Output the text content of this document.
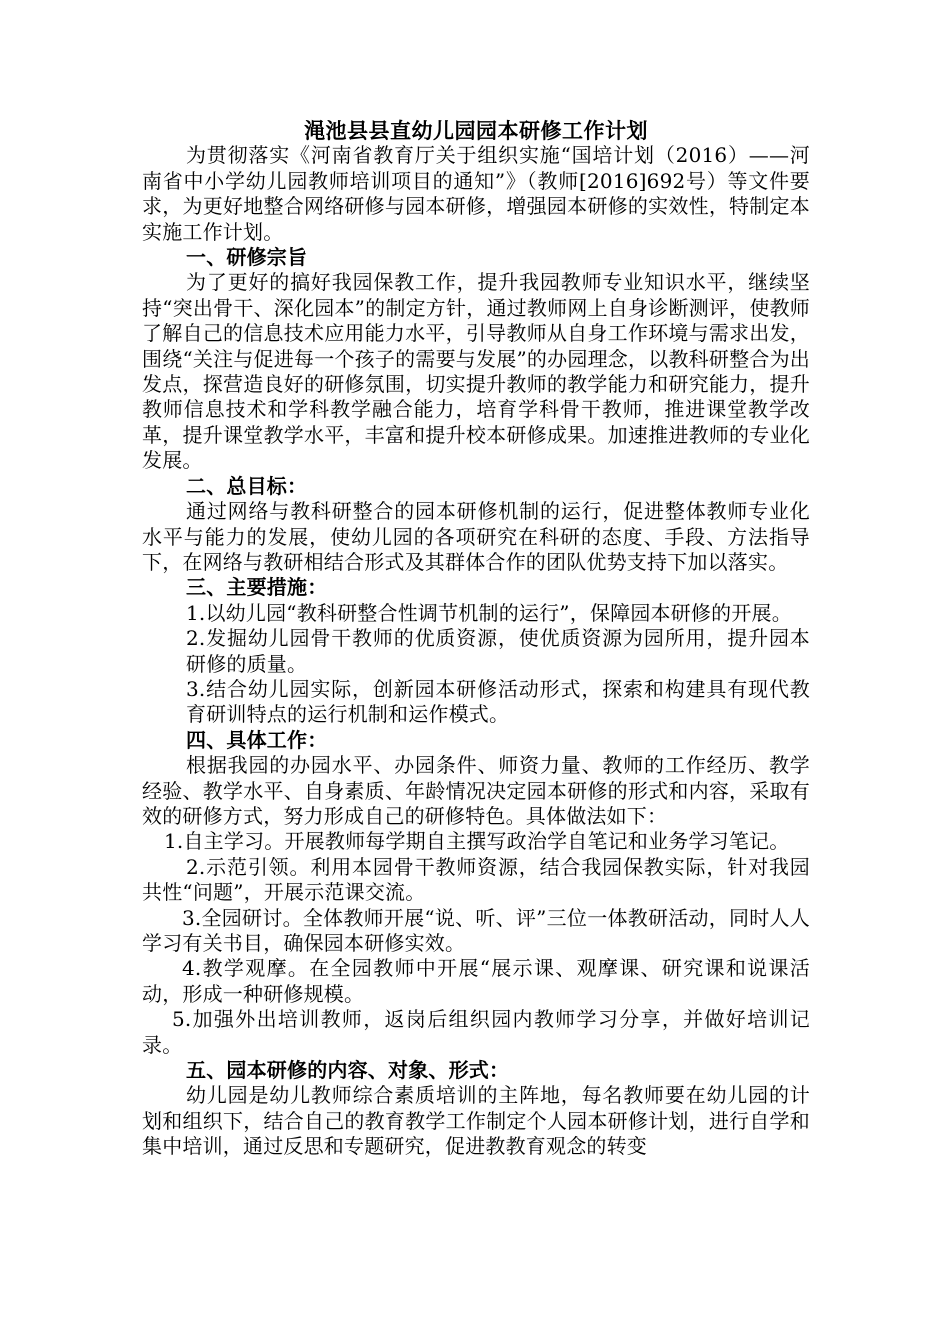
渑池县县直幼儿园园本研修工作计划

为贯彻落实《河南省教育厅关于组织实施“国培计划（2016）——河南省中小学幼儿园教师培训项目的通知”》（教师[2016]692号）等文件要求，为更好地整合网络研修与园本研修，增强园本研修的实效性，特制定本实施工作计划。

一、研修宗旨

为了更好的搞好我园保教工作，提升我园教师专业知识水平，继续坚持“突出骨干、深化园本”的制定方针，通过教师网上自身诊断测评，使教师了解自己的信息技术应用能力水平，引导教师从自身工作环境与需求出发，围绕“关注与促进每一个孩子的需要与发展”的办园理念，以教科研整合为出发点，探营造良好的研修氛围，切实提升教师的教学能力和研究能力，提升教师信息技术和学科教学融合能力，培育学科骨干教师，推进课堂教学改革，提升课堂教学水平，丰富和提升校本研修成果。加速推进教师的专业化发展。

二、总目标：

通过网络与教科研整合的园本研修机制的运行，促进整体教师专业化水平与能力的发展，使幼儿园的各项研究在科研的态度、手段、方法指导下，在网络与教研相结合形式及其群体合作的团队优势支持下加以落实。

三、主要措施：

1.以幼儿园“教科研整合性调节机制的运行”，保障园本研修的开展。

2.发掘幼儿园骨干教师的优质资源，使优质资源为园所用，提升园本研修的质量。

3.结合幼儿园实际，创新园本研修活动形式，探索和构建具有现代教育研训特点的运行机制和运作模式。

四、具体工作：

根据我园的办园水平、办园条件、师资力量、教师的工作经历、教学经验、教学水平、自身素质、年龄情况决定园本研修的形式和内容，采取有效的研修方式，努力形成自己的研修特色。具体做法如下：

1.自主学习。开展教师每学期自主撰写政治学自笔记和业务学习笔记。

2.示范引领。利用本园骨干教师资源，结合我园保教实际，针对我园共性“问题”，开展示范课交流。

3.全园研讨。全体教师开展“说、听、评”三位一体教研活动，同时人人学习有关书目，确保园本研修实效。

4.教学观摩。在全园教师中开展“展示课、观摩课、研究课和说课活动，形成一种研修规模。

5.加强外出培训教师，返岗后组织园内教师学习分享，并做好培训记录。

五、园本研修的内容、对象、形式：

幼儿园是幼儿教师综合素质培训的主阵地，每名教师要在幼儿园的计划和组织下，结合自己的教育教学工作制定个人园本研修计划，进行自学和集中培训，通过反思和专题研究，促进教教育观念的转变
